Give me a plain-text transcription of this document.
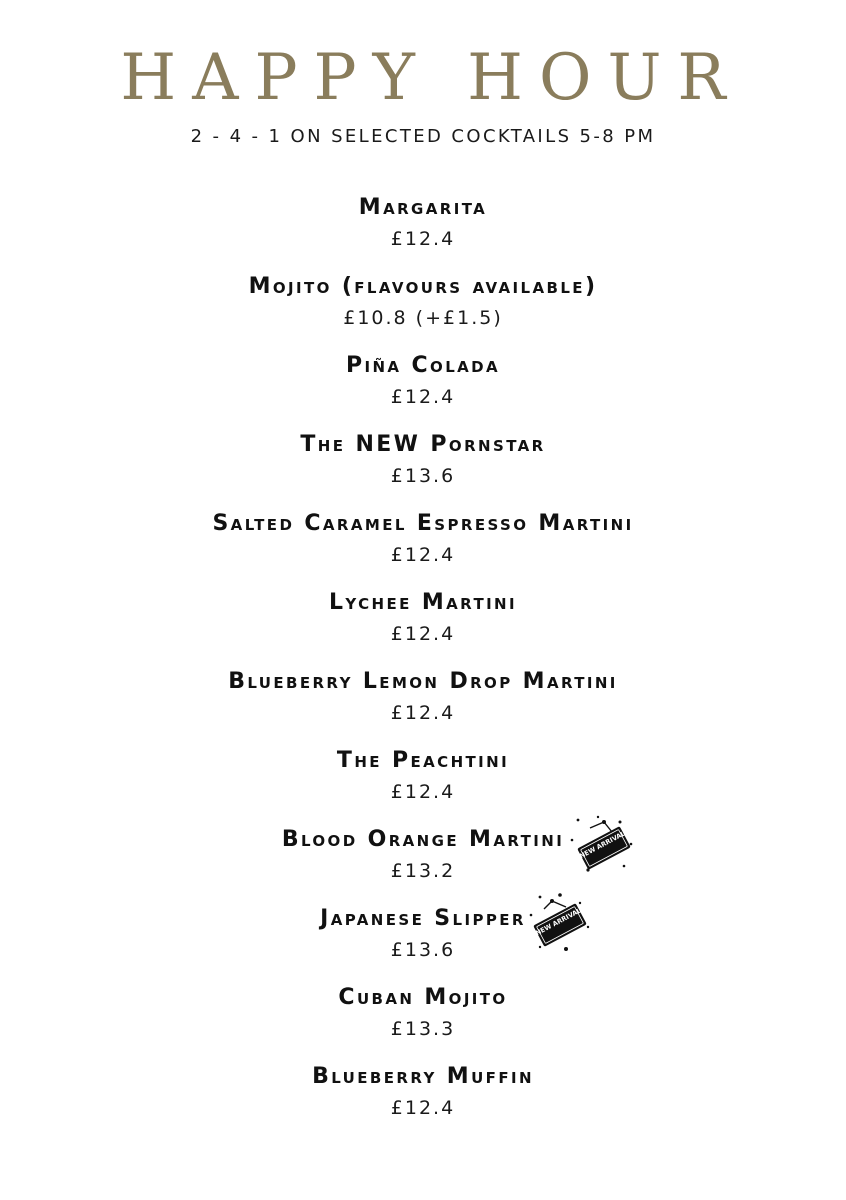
HAPPY HOUR
2 - 4 - 1 ON SELECTED COCKTAILS 5-8 PM
Margarita
£12.4
Mojito (flavours available)
£10.8 (+£1.5)
Piña Colada
£12.4
The NEW Pornstar
£13.6
Salted Caramel Espresso Martini
£12.4
Lychee Martini
£12.4
Blueberry Lemon Drop Martini
£12.4
The Peachtini
£12.4
Blood Orange Martini NEW ARRIVAL
£13.2
Japanese Slipper NEW ARRIVAL
£13.6
Cuban Mojito
£13.3
Blueberry Muffin
£12.4
